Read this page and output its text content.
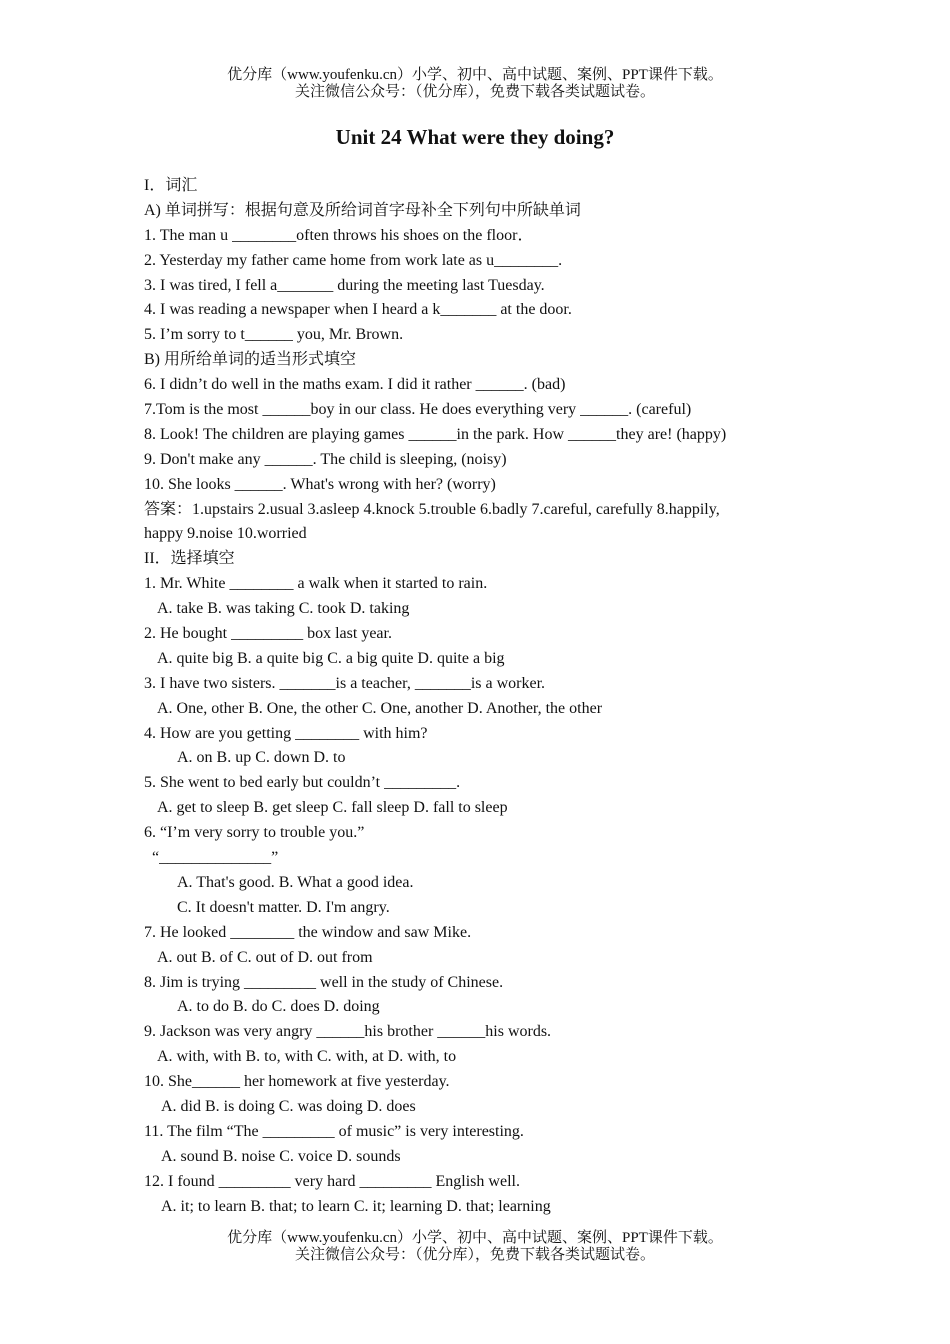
优分库（www.youfenku.cn）小学、初中、高中试题、案例、PPT课件下载。
关注微信公众号：（优分库），免费下载各类试题试卷。
Unit 24 What were they doing?
I．词汇
A) 单词拼写：根据句意及所给词首字母补全下列句中所缺单词
1. The man u ________often throws his shoes on the floor．
2. Yesterday my father came home from work late as u________.
3. I was tired, I fell a_______ during the meeting last Tuesday.
4. I was reading a newspaper when I heard a k_______ at the door.
5. I’m sorry to t______ you, Mr. Brown.
B) 用所给单词的适当形式填空
6. I didn’t do well in the maths exam. I did it rather ______. (bad)
7.Tom is the most ______boy in our class. He does everything very ______. (careful)
8. Look! The children are playing games ______in the park. How ______they are! (happy)
9. Don't make any ______. The child is sleeping, (noisy)
10. She looks ______. What's wrong with her? (worry)
答案：1.upstairs 2.usual 3.asleep 4.knock 5.trouble 6.badly 7.careful, carefully 8.happily,
happy 9.noise 10.worried
II．选择填空
1. Mr. White ________ a walk when it started to rain.
A. take B. was taking C. took D. taking
2. He bought _________ box last year.
A. quite big B. a quite big C. a big quite D. quite a big
3. I have two sisters. _______is a teacher, _______is a worker.
A. One, other B. One, the other C. One, another D. Another, the other
4. How are you getting ________ with him?
A. on B. up C. down D. to
5. She went to bed early but couldn’t _________.
A. get to sleep B. get sleep C. fall sleep D. fall to sleep
6. “I’m very sorry to trouble you.”
“______________”
A. That's good. B. What a good idea.
C. It doesn't matter. D. I'm angry.
7. He looked ________ the window and saw Mike.
A. out B. of C. out of D. out from
8. Jim is trying _________ well in the study of Chinese.
A. to do B. do C. does D. doing
9. Jackson was very angry ______his brother ______his words.
A. with, with B. to, with C. with, at D. with, to
10. She______ her homework at five yesterday.
A. did B. is doing C. was doing D. does
11. The film “The _________ of music” is very interesting.
A. sound B. noise C. voice D. sounds
12. I found _________ very hard _________ English well.
A. it; to learn B. that; to learn C. it; learning D. that; learning
优分库（www.youfenku.cn）小学、初中、高中试题、案例、PPT课件下载。
关注微信公众号：（优分库），免费下载各类试题试卷。
